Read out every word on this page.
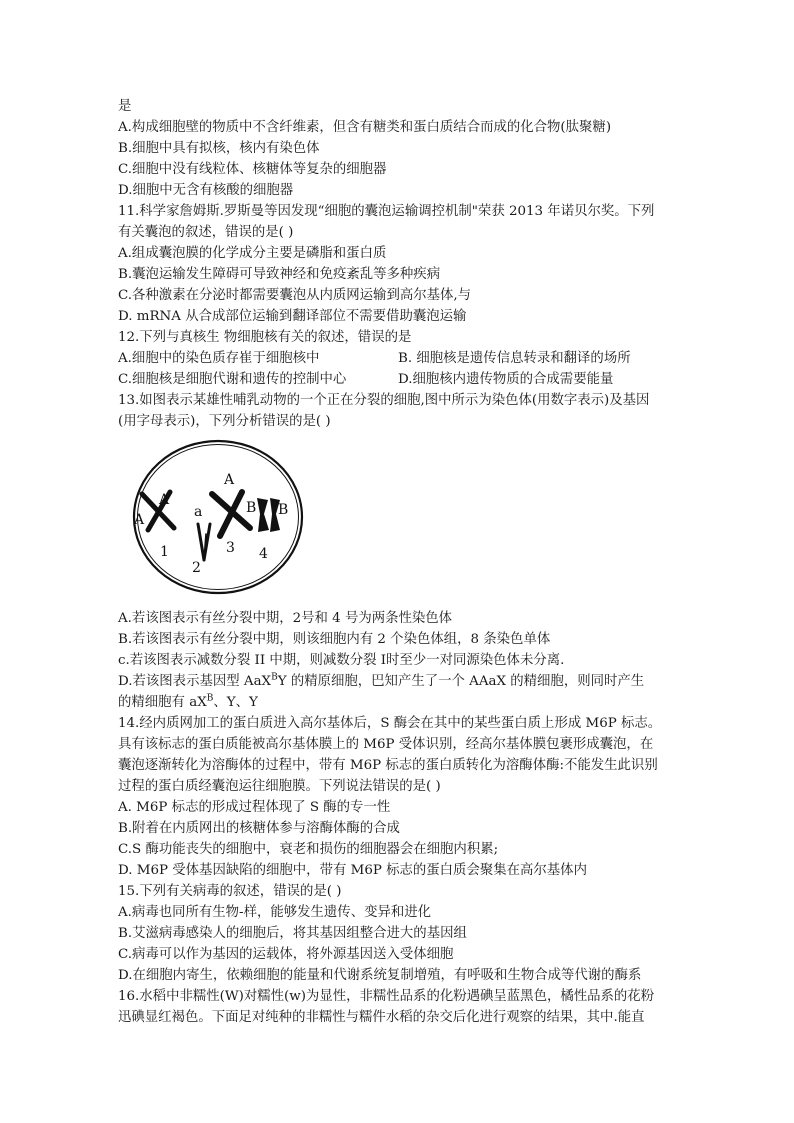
是
A.构成细胞壁的物质中不含纤维素，但含有糖类和蛋白质结合而成的化合物(肽聚糖)
B.细胞中具有拟核，核内有染色体
C.细胞中没有线粒体、核糖体等复杂的细胞器
D.细胞中无含有核酸的细胞器
11.科学家詹姆斯.罗斯曼等因发现“细胞的囊泡运输调控机制"荣获 2013 年诺贝尔奖。下列
有关囊泡的叙述，错误的是( )
A.组成囊泡膜的化学成分主要是磷脂和蛋白质
B.囊泡运输发生障碍可导致神经和免疫紊乱等多种疾病
C.各种激素在分泌时都需要囊泡从内质网运输到高尔基体,与
D. mRNA 从合成部位运输到翻译部位不需要借助囊泡运输
12.下列与真核生 物细胞核有关的叙述，错误的是
A.细胞中的染色质存崔于细胞核中	B. 细胞核是遗传信息转录和翻译的场所
C.细胞核是细胞代谢和遗传的控制中心	D.细胞核内遗传物质的合成需要能量
13.如图表示某雄性哺乳动物的一个正在分裂的细胞,图中所示为染色体(用数字表示)及基因
(用字母表示)，下列分析错误的是( )
A
A	a
A
B B
1
2
3 4
A.若该图表示有丝分裂中期，2号和 4 号为两条性染色体
B.若该图表示有丝分裂中期，则该细胞内有 2 个染色体组，8 条染色单体
c.若该图表示减数分裂 II 中期，则减数分裂 I时至少一对同源染色体未分离.
D.若该图表示基因型 AaX$^B$Y 的精原细胞，巴知产生了一个 AAaX 的精细胞，则同时产生
的精细胞有 $aX^B$、Y、Y
14.经内质网加工的蛋白质进入高尔基体后，S 酶会在其中的某些蛋白质上形成 M6P 标志。
具有该标志的蛋白质能被高尔基体膜上的 M6P 受体识别，经高尔基体膜包裹形成囊泡，在
囊泡逐渐转化为溶酶体的过程中，带有 M6P 标志的蛋白质转化为溶酶体酶:不能发生此识别
过程的蛋白质经囊泡运往细胞膜。下列说法错误的是( )
A. M6P 标志的形成过程体现了 S 酶的专一性
B.附着在内质网出的核糖体参与溶酶体酶的合成
C.S 酶功能丧失的细胞中，衰老和损伤的细胞器会在细胞内积累;
D. M6P 受体基因缺陷的细胞中，带有 M6P 标志的蛋白质会聚集在高尔基体内
15.下列有关病毒的叙述，错误的是( )
A.病毒也同所有生物-样，能够发生遗传、变异和进化
B.艾滋病毒感染人的细胞后，将其基因组整合进大的基因组
C.病毒可以作为基因的运载体，将外源基因送入受体细胞
D.在细胞内寄生，依赖细胞的能量和代谢系统复制增殖，有呼吸和生物合成等代谢的酶系
16.水稻中非糯性(W)对糯性(w)为显性，非糯性品系的化粉遇碘呈蓝黑色，橘性品系的花粉
迅碘显红褐色。下面足对纯种的非糯性与糯件水稻的杂交后化进行观察的结果，其中.能直
